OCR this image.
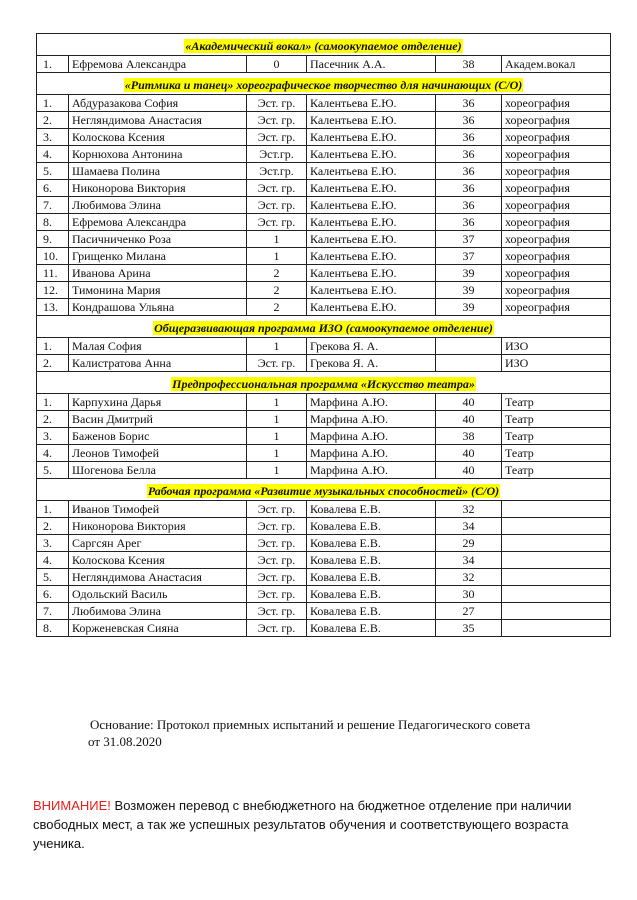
«Академический вокал» (самоокупаемое отделение)					
1.	Ефремова Александра	0	Пасечник А.А.	38	Академ.вокал
«Ритмика и танец» хореографическое творчество для начинающих (С/О)					
1.	Абдуразакова София	Эст. гр.	Калентьева Е.Ю.	36	хореография
2.	Негляндимова Анастасия	Эст. гр.	Калентьева Е.Ю.	36	хореография
3.	Колоскова Ксения	Эст. гр.	Калентьева Е.Ю.	36	хореография
4.	Корнюхова Антонина	Эст.гр.	Калентьева Е.Ю.	36	хореография
5.	Шамаева Полина	Эст.гр.	Калентьева Е.Ю.	36	хореография
6.	Никонорова Виктория	Эст. гр.	Калентьева Е.Ю.	36	хореография
7.	Любимова Элина	Эст. гр.	Калентьева Е.Ю.	36	хореография
8.	Ефремова Александра	Эст. гр.	Калентьева Е.Ю.	36	хореография
9.	Пасичниченко Роза	1	Калентьева Е.Ю.	37	хореография
10.	Грищенко Милана	1	Калентьева Е.Ю.	37	хореография
11.	Иванова Арина	2	Калентьева Е.Ю.	39	хореография
12.	Тимонина Мария	2	Калентьева Е.Ю.	39	хореография
13.	Кондрашова Ульяна	2	Калентьева Е.Ю.	39	хореография
Общеразвивающая программа ИЗО (самоокупаемое отделение)					
1.	Малая София	1	Грекова Я. А.		ИЗО
2.	Калистратова Анна	Эст. гр.	Грекова Я. А.		ИЗО
Предпрофессиональная программа «Искусство театра»					
1.	Карпухина Дарья	1	Марфина А.Ю.	40	Театр
2.	Васин Дмитрий	1	Марфина А.Ю.	40	Театр
3.	Баженов Борис	1	Марфина А.Ю.	38	Театр
4.	Леонов Тимофей	1	Марфина А.Ю.	40	Театр
5.	Шогенова Белла	1	Марфина А.Ю.	40	Театр
Рабочая программа «Развитие музыкальных способностей» (С/О)					
1.	Иванов Тимофей	Эст. гр.	Ковалева Е.В.	32	
2.	Никонорова Виктория	Эст. гр.	Ковалева Е.В.	34	
3.	Саргсян Арег	Эст. гр.	Ковалева Е.В.	29	
4.	Колоскова Ксения	Эст. гр.	Ковалева Е.В.	34	
5.	Негляндимова Анастасия	Эст. гр.	Ковалева Е.В.	32	
6.	Одольский Василь	Эст. гр.	Ковалева Е.В.	30	
7.	Любимова Элина	Эст. гр.	Ковалева Е.В.	27	
8.	Корженевская Сияна	Эст. гр.	Ковалева Е.В.	35	
Основание: Протокол приемных испытаний и решение Педагогического совета
от 31.08.2020
ВНИМАНИЕ! Возможен перевод с внебюджетного на бюджетное отделение при наличии свободных мест, а так же успешных результатов обучения и соответствующего возраста ученика.
